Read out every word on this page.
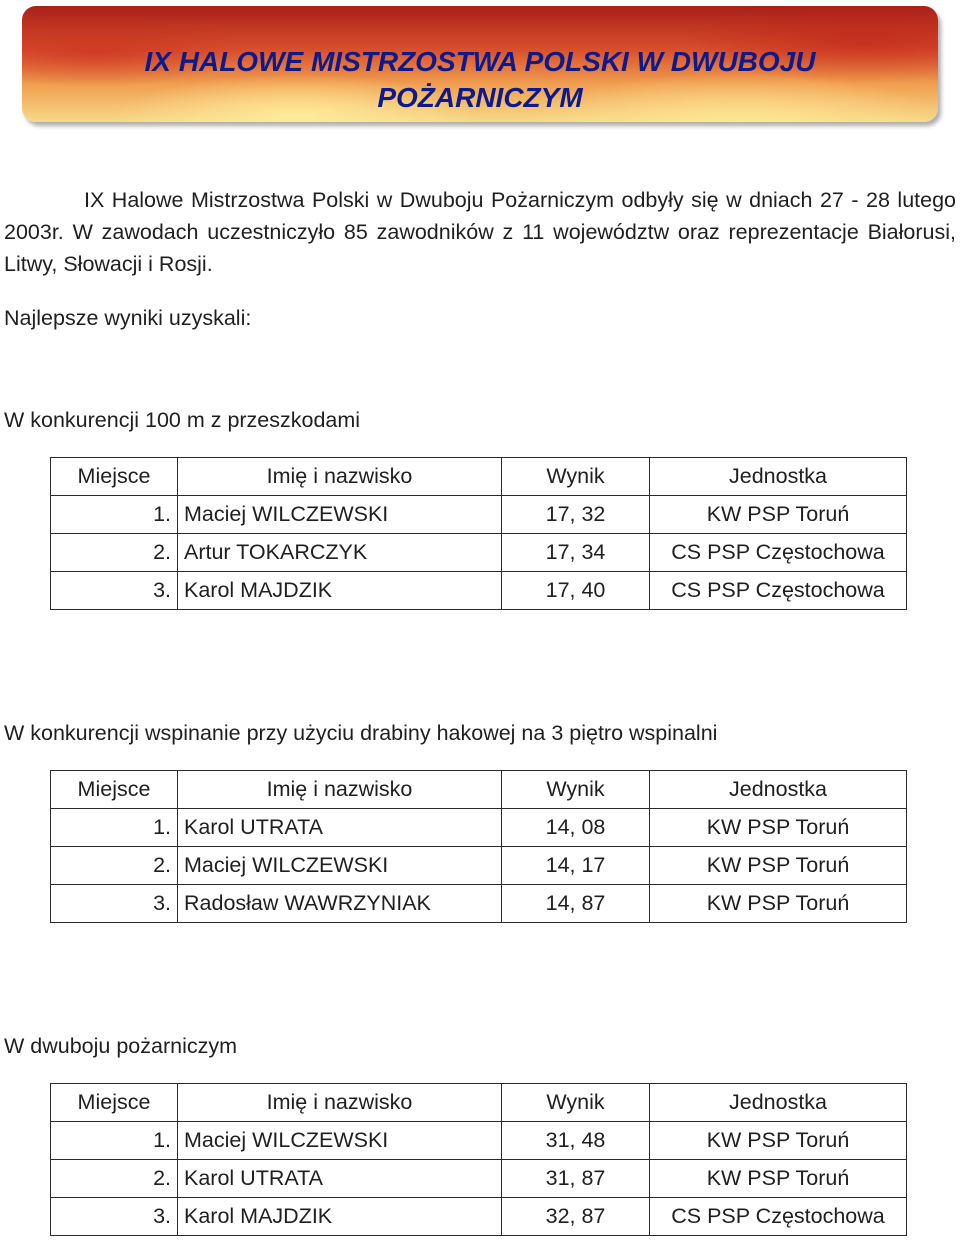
IX HALOWE MISTRZOSTWA POLSKI W DWUBOJU
POŻARNICZYM

IX Halowe Mistrzostwa Polski w Dwuboju Pożarniczym odbyły się w dniach 27 - 28 lutego 2003r. W zawodach uczestniczyło 85 zawodników z 11 województw oraz reprezentacje Białorusi, Litwy, Słowacji i Rosji.

Najlepsze wyniki uzyskali:

W konkurencji 100 m z przeszkodami

Miejsce	Imię i nazwisko	Wynik	Jednostka
1.	Maciej WILCZEWSKI	17, 32	KW PSP Toruń
2.	Artur TOKARCZYK	17, 34	CS PSP Częstochowa
3.	Karol MAJDZIK	17, 40	CS PSP Częstochowa

W konkurencji wspinanie przy użyciu drabiny hakowej na 3 piętro wspinalni

Miejsce	Imię i nazwisko	Wynik	Jednostka
1.	Karol UTRATA	14, 08	KW PSP Toruń
2.	Maciej WILCZEWSKI	14, 17	KW PSP Toruń
3.	Radosław WAWRZYNIAK	14, 87	KW PSP Toruń

W dwuboju pożarniczym

Miejsce	Imię i nazwisko	Wynik	Jednostka
1.	Maciej WILCZEWSKI	31, 48	KW PSP Toruń
2.	Karol UTRATA	31, 87	KW PSP Toruń
3.	Karol MAJDZIK	32, 87	CS PSP Częstochowa
